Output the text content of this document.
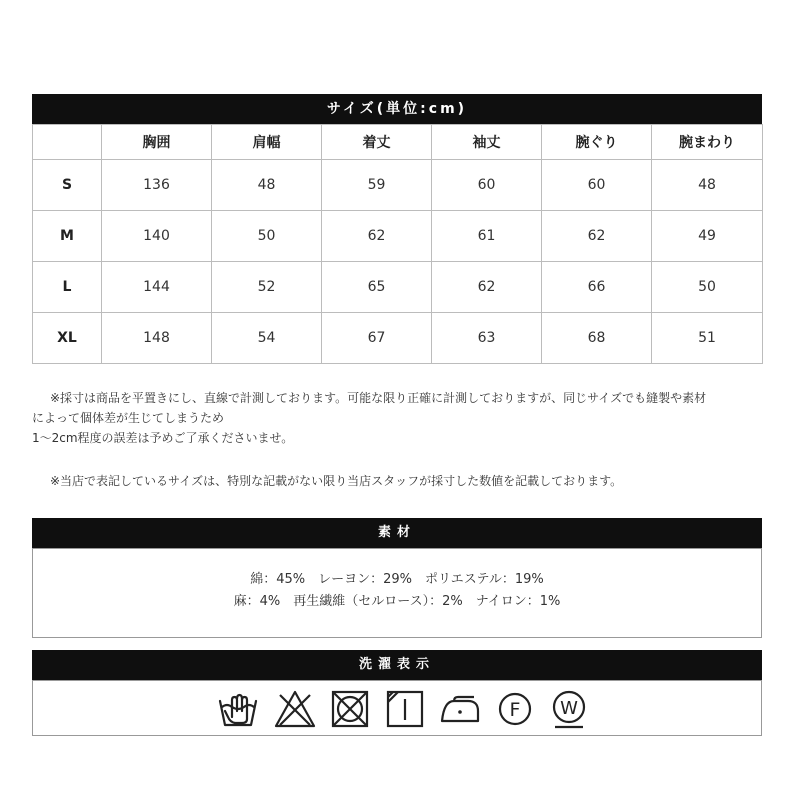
サイズ(単位:cm)
	胸囲	肩幅	着丈	袖丈	腕ぐり	腕まわり
S	136	48	59	60	60	48
M	140	50	62	61	62	49
L	144	52	65	62	66	50
XL	148	54	67	63	68	51
※採寸は商品を平置きにし、直線で計測しております。可能な限り正確に計測しておりますが、同じサイズでも縫製や素材
によって個体差が生じてしまうため
1〜2cm程度の誤差は予めご了承くださいませ。
※当店で表記しているサイズは、特別な記載がない限り当店スタッフが採寸した数値を記載しております。
素材
綿：45%　レーヨン：29%　ポリエステル：19%
麻：4%　再生繊維（セルロース）：2%　ナイロン：1%
洗濯表示
F W
